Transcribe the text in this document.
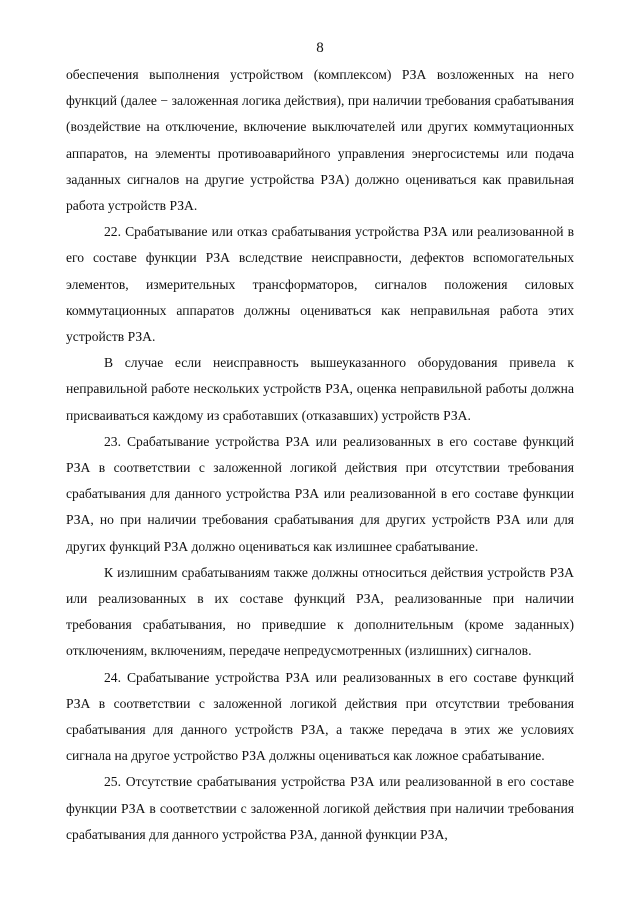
8

обеспечения выполнения устройством (комплексом) РЗА возложенных на него функций (далее − заложенная логика действия), при наличии требования срабатывания (воздействие на отключение, включение выключателей или других коммутационных аппаратов, на элементы противоаварийного управления энергосистемы или подача заданных сигналов на другие устройства РЗА) должно оцениваться как правильная работа устройств РЗА.

22. Срабатывание или отказ срабатывания устройства РЗА или реализованной в его составе функции РЗА вследствие неисправности, дефектов вспомогательных элементов, измерительных трансформаторов, сигналов положения силовых коммутационных аппаратов должны оцениваться как неправильная работа этих устройств РЗА.

В случае если неисправность вышеуказанного оборудования привела к неправильной работе нескольких устройств РЗА, оценка неправильной работы должна присваиваться каждому из сработавших (отказавших) устройств РЗА.

23. Срабатывание устройства РЗА или реализованных в его составе функций РЗА в соответствии с заложенной логикой действия при отсутствии требования срабатывания для данного устройства РЗА или реализованной в его составе функции РЗА, но при наличии требования срабатывания для других устройств РЗА или для других функций РЗА должно оцениваться как излишнее срабатывание.

К излишним срабатываниям также должны относиться действия устройств РЗА или реализованных в их составе функций РЗА, реализованные при наличии требования срабатывания, но приведшие к дополнительным (кроме заданных) отключениям, включениям, передаче непредусмотренных (излишних) сигналов.

24. Срабатывание устройства РЗА или реализованных в его составе функций РЗА в соответствии с заложенной логикой действия при отсутствии требования срабатывания для данного устройств РЗА, а также передача в этих же условиях сигнала на другое устройство РЗА должны оцениваться как ложное срабатывание.

25. Отсутствие срабатывания устройства РЗА или реализованной в его составе функции РЗА в соответствии с заложенной логикой действия при наличии требования срабатывания для данного устройства РЗА, данной функции РЗА,
